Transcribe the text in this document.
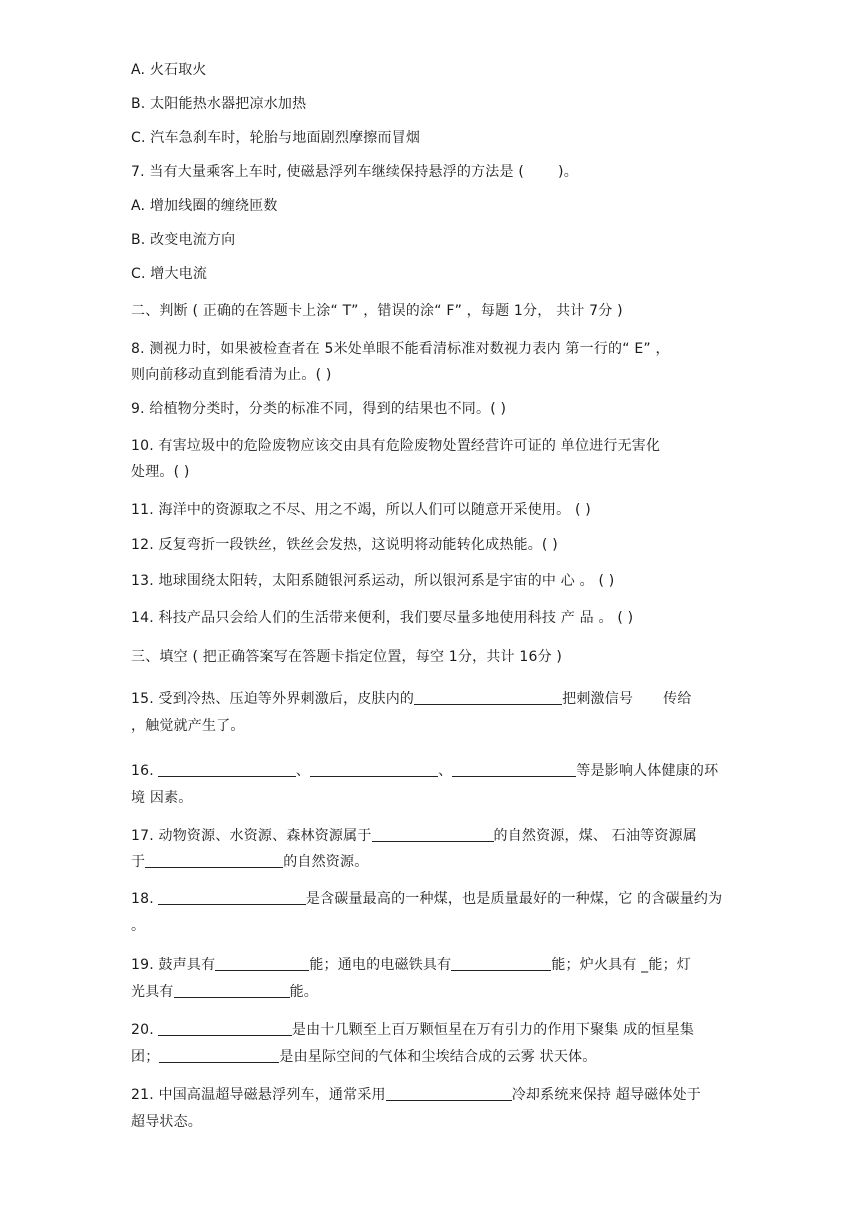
A. 火石取火
B. 太阳能热水器把凉水加热
C. 汽车急刹车时，轮胎与地面剧烈摩擦而冒烟
7. 当有大量乘客上车时, 使磁悬浮列车继续保持悬浮的方法是 ( )。
A. 增加线圈的缠绕匝数
B. 改变电流方向
C. 增大电流
二、判断 ( 正确的在答题卡上涂“ T” ，错误的涂“ F” ，每题 1分， 共计 7分 )
8. 测视力时，如果被检查者在 5米处单眼不能看清标准对数视力表内 第一行的“ E” ，
则向前移动直到能看清为止。( )
9. 给植物分类时，分类的标准不同，得到的结果也不同。( )
10. 有害垃圾中的危险废物应该交由具有危险废物处置经营许可证的 单位进行无害化
处理。( )
11. 海洋中的资源取之不尽、用之不竭，所以人们可以随意开采使用。 ( )
12. 反复弯折一段铁丝，铁丝会发热，这说明将动能转化成热能。( )
13. 地球围绕太阳转，太阳系随银河系运动，所以银河系是宇宙的中 心 。 ( )
14. 科技产品只会给人们的生活带来便利，我们要尽量多地使用科技 产 品 。 ( )
三、填空 ( 把正确答案写在答题卡指定位置，每空 1分，共计 16分 )
15. 受到冷热、压迫等外界刺激后，皮肤内的	把刺激信号 传给
，触觉就产生了。
16.	、	、	等是影响人体健康的环
境 因素。
17. 动物资源、水资源、森林资源属于	的自然资源，煤、 石油等资源属
于	的自然资源。
18.	是含碳量最高的一种煤，也是质量最好的一种煤，它 的含碳量约为
。
19. 鼓声具有	能；通电的电磁铁具有	能；炉火具有 _能；灯
光具有	能。
20.	是由十几颗至上百万颗恒星在万有引力的作用下聚集 成的恒星集
团；	是由星际空间的气体和尘埃结合成的云雾 状天体。
21. 中国高温超导磁悬浮列车，通常采用	冷却系统来保持 超导磁体处于
超导状态。
